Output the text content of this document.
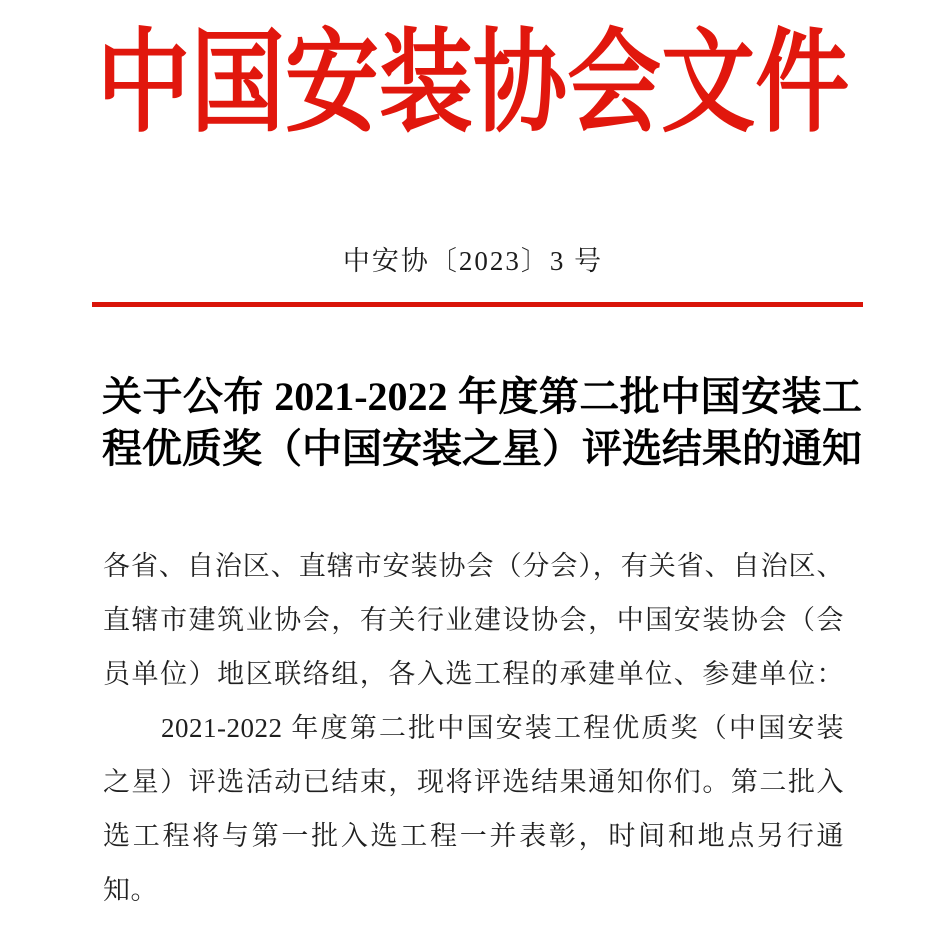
中国安装协会文件
中安协〔2023〕3 号
关于公布 2021-2022 年度第二批中国安装工
程优质奖（中国安装之星）评选结果的通知
各省、自治区、直辖市安装协会（分会），有关省、自治区、
直辖市建筑业协会，有关行业建设协会，中国安装协会（会
员单位）地区联络组，各入选工程的承建单位、参建单位：
2021-2022 年度第二批中国安装工程优质奖（中国安装
之星）评选活动已结束，现将评选结果通知你们。第二批入
选工程将与第一批入选工程一并表彰，时间和地点另行通
知。
